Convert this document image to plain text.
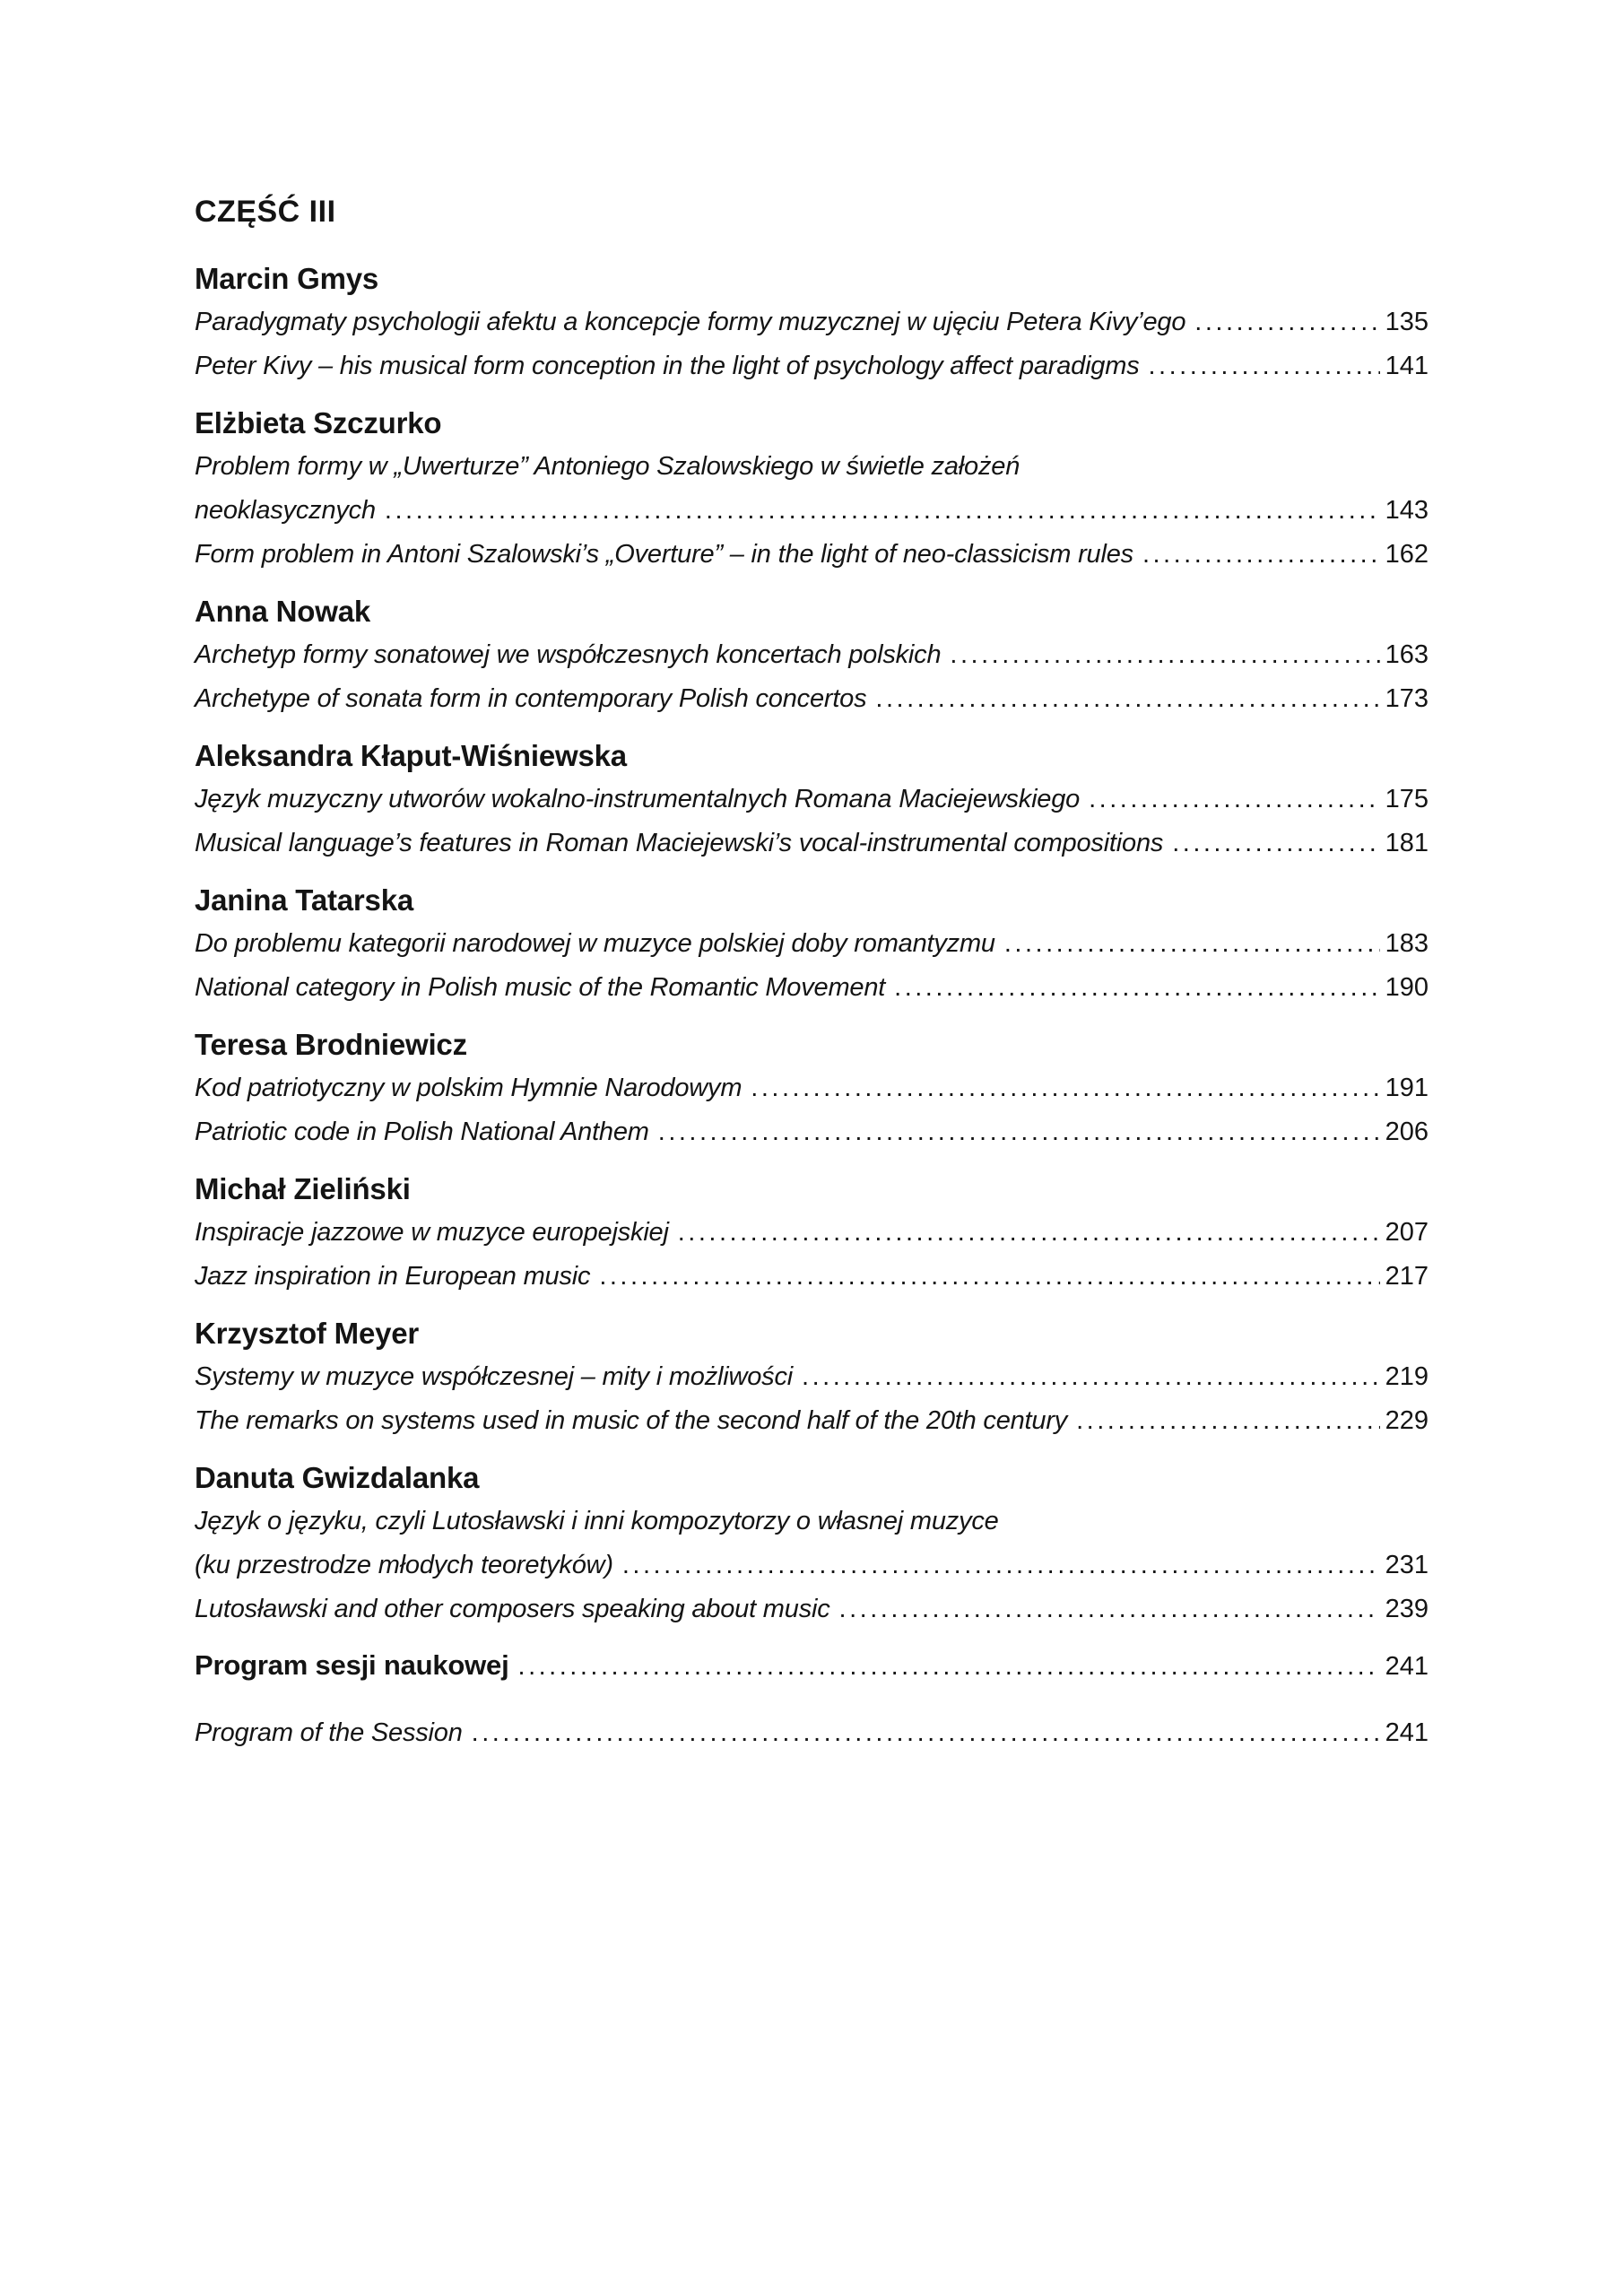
CZĘŚĆ III
Marcin Gmys
Paradygmaty psychologii afektu a koncepcje formy muzycznej w ujęciu Petera Kivy’ego .....	135
Peter Kivy – his musical form conception in the light of psychology affect paradigms .....	141
Elżbieta Szczurko
Problem formy w „Uwerturze” Antoniego Szalowskiego w świetle założeń
neoklasycznych .....	143
Form problem in Antoni Szalowski’s „Overture” – in the light of neo-classicism rules .....	162
Anna Nowak
Archetyp formy sonatowej we współczesnych koncertach polskich .....	163
Archetype of sonata form in contemporary Polish concertos .....	173
Aleksandra Kłaput-Wiśniewska
Język muzyczny utworów wokalno-instrumentalnych Romana Maciejewskiego .....	175
Musical language’s features in Roman Maciejewski’s vocal-instrumental compositions .....	181
Janina Tatarska
Do problemu kategorii narodowej w muzyce polskiej doby romantyzmu .....	183
National category in Polish music of the Romantic Movement .....	190
Teresa Brodniewicz
Kod patriotyczny w polskim Hymnie Narodowym .....	191
Patriotic code in Polish National Anthem .....	206
Michał Zieliński
Inspiracje jazzowe w muzyce europejskiej .....	207
Jazz inspiration in European music .....	217
Krzysztof Meyer
Systemy w muzyce współczesnej – mity i możliwości .....	219
The remarks on systems used in music of the second half of the 20th century .....	229
Danuta Gwizdalanka
Język o języku, czyli Lutosławski i inni kompozytorzy o własnej muzyce
(ku przestrodze młodych teoretyków) .....	231
Lutosławski and other composers speaking about music .....	239
Program sesji naukowej .....	241
Program of the Session .....	241
